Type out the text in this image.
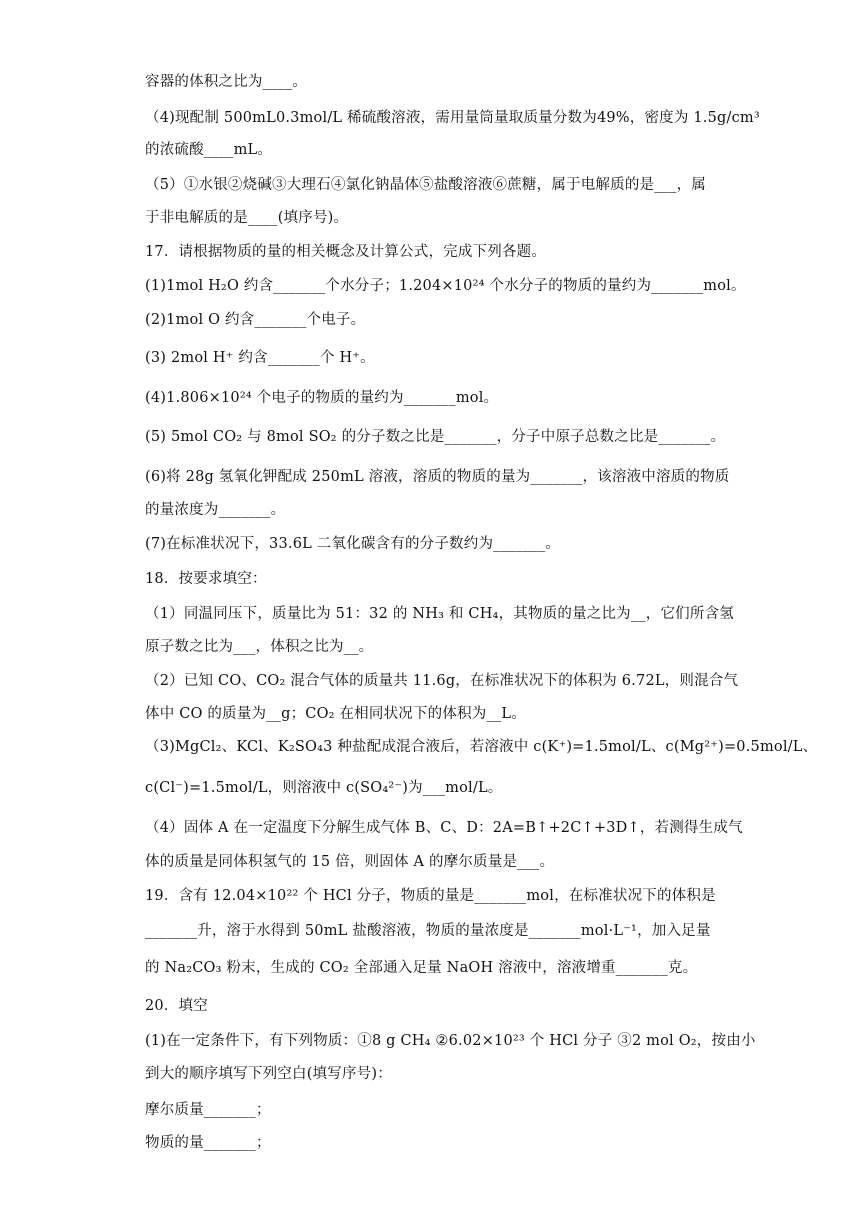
容器的体积之比为____。
（4)现配制 500mL0.3mol/L 稀硫酸溶液，需用量筒量取质量分数为49%，密度为 1.5g/cm³
的浓硫酸____mL。
（5）①水银②烧碱③大理石④氯化钠晶体⑤盐酸溶液⑥蔗糖，属于电解质的是___，属
于非电解质的是____(填序号)。
17．请根据物质的量的相关概念及计算公式，完成下列各题。
(1)1mol H₂O 约含_______个水分子；1.204×10²⁴ 个水分子的物质的量约为_______mol。
(2)1mol O 约含_______个电子。
(3) 2mol H⁺ 约含_______个 H⁺。
(4)1.806×10²⁴ 个电子的物质的量约为_______mol。
(5) 5mol CO₂ 与 8mol SO₂ 的分子数之比是_______，分子中原子总数之比是_______。
(6)将 28g 氢氧化钾配成 250mL 溶液，溶质的物质的量为_______，该溶液中溶质的物质
的量浓度为_______。
(7)在标准状况下，33.6L 二氧化碳含有的分子数约为_______。
18．按要求填空：
（1）同温同压下，质量比为 51：32 的 NH₃ 和 CH₄，其物质的量之比为__，它们所含氢
原子数之比为___，体积之比为__。
（2）已知 CO、CO₂ 混合气体的质量共 11.6g，在标准状况下的体积为 6.72L，则混合气
体中 CO 的质量为__g；CO₂ 在相同状况下的体积为__L。
（3)MgCl₂、KCl、K₂SO₄3 种盐配成混合液后，若溶液中 c(K⁺)=1.5mol/L、c(Mg²⁺)=0.5mol/L、
c(Cl⁻)=1.5mol/L，则溶液中 c(SO₄²⁻)为___mol/L。
（4）固体 A 在一定温度下分解生成气体 B、C、D：2A=B↑+2C↑+3D↑，若测得生成气
体的质量是同体积氢气的 15 倍，则固体 A 的摩尔质量是___。
19．含有 12.04×10²² 个 HCl 分子，物质的量是_______mol，在标准状况下的体积是
_______升，溶于水得到 50mL 盐酸溶液，物质的量浓度是_______mol·L⁻¹，加入足量
的 Na₂CO₃ 粉末，生成的 CO₂ 全部通入足量 NaOH 溶液中，溶液增重_______克。
20．填空
(1)在一定条件下，有下列物质：①8 g CH₄ ②6.02×10²³ 个 HCl 分子 ③2 mol O₂，按由小
到大的顺序填写下列空白(填写序号)：
摩尔质量_______；
物质的量_______；
